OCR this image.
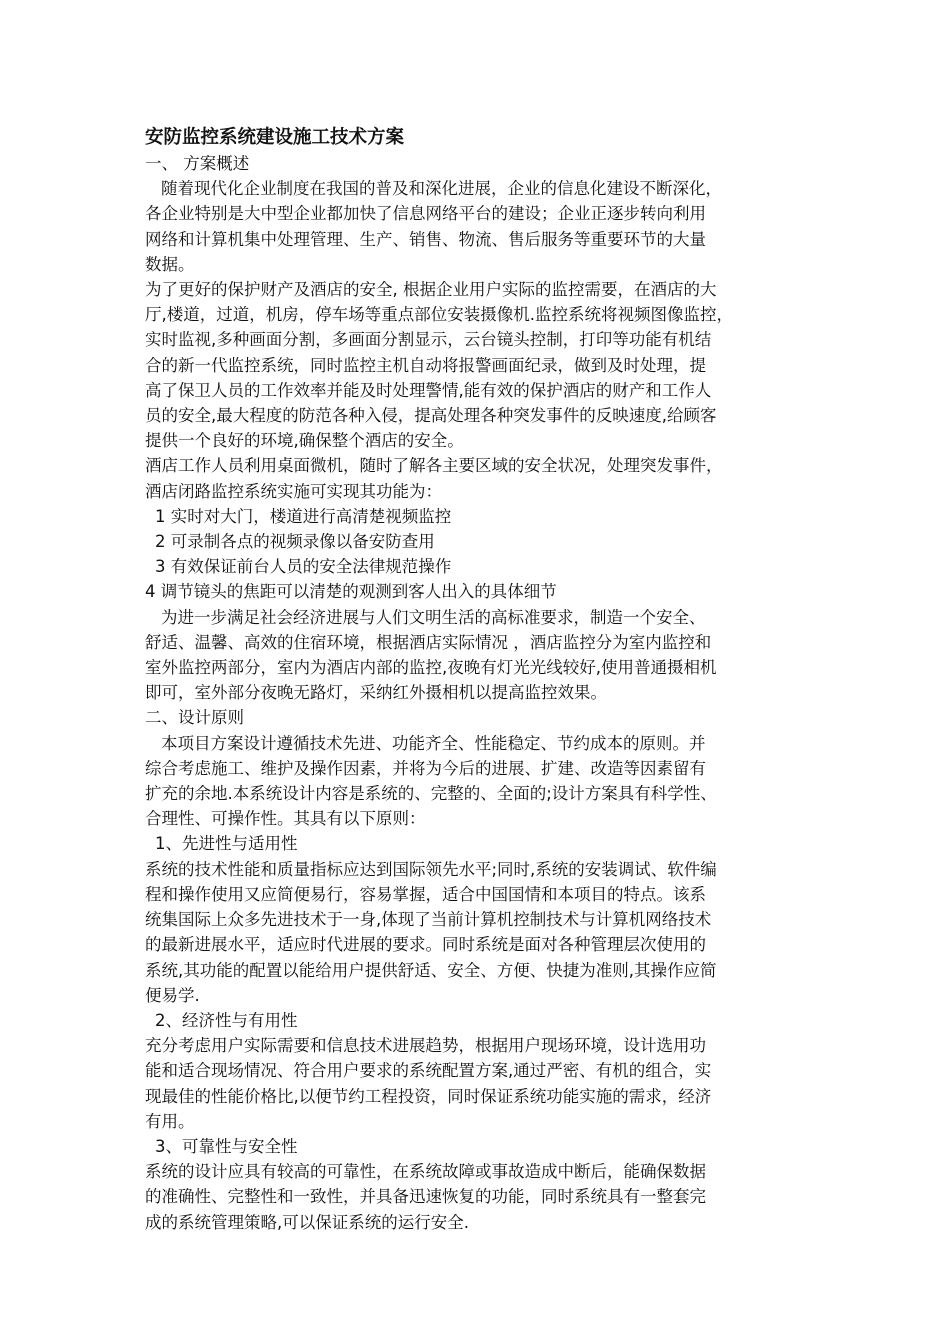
安防监控系统建设施工技术方案
一、 方案概述
随着现代化企业制度在我国的普及和深化进展，企业的信息化建设不断深化，
各企业特别是大中型企业都加快了信息网络平台的建设；企业正逐步转向利用
网络和计算机集中处理管理、生产、销售、物流、售后服务等重要环节的大量
数据。
为了更好的保护财产及酒店的安全, 根据企业用户实际的监控需要，在酒店的大
厅,楼道，过道，机房，停车场等重点部位安装摄像机.监控系统将视频图像监控，
实时监视,多种画面分割，多画面分割显示，云台镜头控制，打印等功能有机结
合的新一代监控系统，同时监控主机自动将报警画面纪录，做到及时处理，提
高了保卫人员的工作效率并能及时处理警情,能有效的保护酒店的财产和工作人
员的安全,最大程度的防范各种入侵，提高处理各种突发事件的反映速度,给顾客
提供一个良好的环境,确保整个酒店的安全。
酒店工作人员利用桌面微机，随时了解各主要区域的安全状况，处理突发事件，
酒店闭路监控系统实施可实现其功能为：
1 实时对大门，楼道进行高清楚视频监控
2 可录制各点的视频录像以备安防查用
3 有效保证前台人员的安全法律规范操作
4 调节镜头的焦距可以清楚的观测到客人出入的具体细节
为进一步满足社会经济进展与人们文明生活的高标准要求，制造一个安全、
舒适、温馨、高效的住宿环境，根据酒店实际情况 ，酒店监控分为室内监控和
室外监控两部分，室内为酒店内部的监控,夜晚有灯光光线较好,使用普通摄相机
即可，室外部分夜晚无路灯，采纳红外摄相机以提高监控效果。
二、设计原则
本项目方案设计遵循技术先进、功能齐全、性能稳定、节约成本的原则。并
综合考虑施工、维护及操作因素，并将为今后的进展、扩建、改造等因素留有
扩充的余地.本系统设计内容是系统的、完整的、全面的;设计方案具有科学性、
合理性、可操作性。其具有以下原则：
1、先进性与适用性
系统的技术性能和质量指标应达到国际领先水平;同时,系统的安装调试、软件编
程和操作使用又应简便易行，容易掌握，适合中国国情和本项目的特点。该系
统集国际上众多先进技术于一身,体现了当前计算机控制技术与计算机网络技术
的最新进展水平，适应时代进展的要求。同时系统是面对各种管理层次使用的
系统,其功能的配置以能给用户提供舒适、安全、方便、快捷为准则,其操作应简
便易学.
2、经济性与有用性
充分考虑用户实际需要和信息技术进展趋势，根据用户现场环境，设计选用功
能和适合现场情况、符合用户要求的系统配置方案,通过严密、有机的组合，实
现最佳的性能价格比,以便节约工程投资，同时保证系统功能实施的需求，经济
有用。
3、可靠性与安全性
系统的设计应具有较高的可靠性，在系统故障或事故造成中断后，能确保数据
的准确性、完整性和一致性，并具备迅速恢复的功能，同时系统具有一整套完
成的系统管理策略,可以保证系统的运行安全.
